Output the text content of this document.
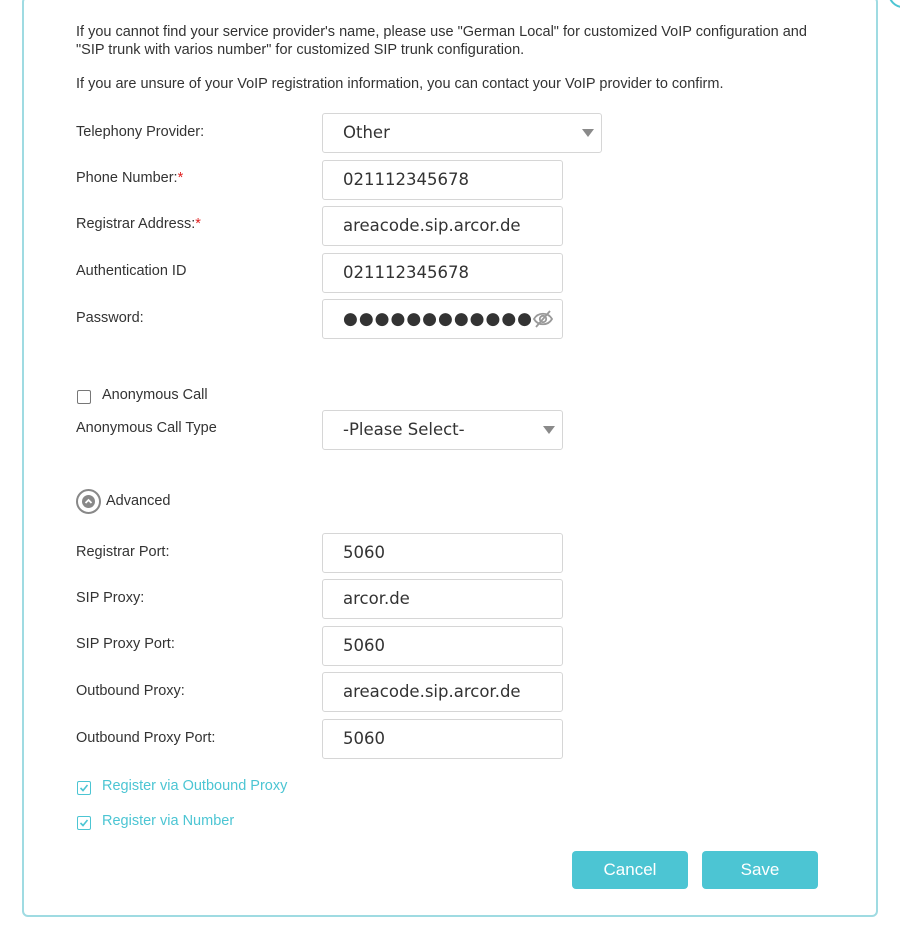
If you cannot find your service provider's name, please use "German Local" for customized VoIP configuration and
"SIP trunk with varios number" for customized SIP trunk configuration.
If you are unsure of your VoIP registration information, you can contact your VoIP provider to confirm.
Telephony Provider:	Other
Phone Number:*	021112345678
Registrar Address:*	areacode.sip.arcor.de
Authentication ID	021112345678
Password:	●●●●●●●●●●●●
Anonymous Call
Anonymous Call Type	-Please Select-
Advanced
Registrar Port:	5060
SIP Proxy:	arcor.de
SIP Proxy Port:	5060
Outbound Proxy:	areacode.sip.arcor.de
Outbound Proxy Port:	5060
Register via Outbound Proxy
Register via Number
Cancel	Save
